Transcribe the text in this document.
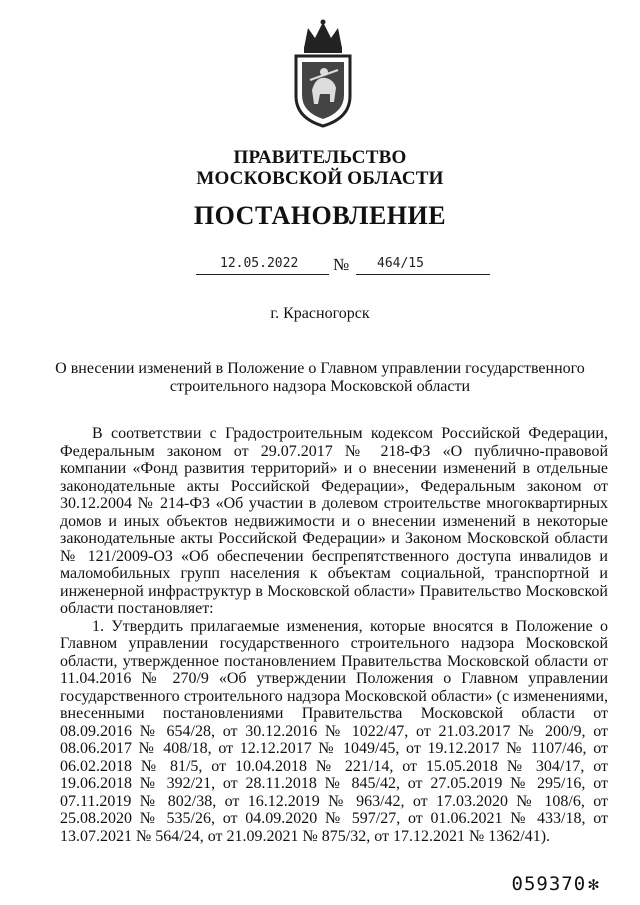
ПРАВИТЕЛЬСТВО
МОСКОВСКОЙ ОБЛАСТИ
ПОСТАНОВЛЕНИЕ
12.05.2022 № 464/15
г. Красногорск
О внесении изменений в Положение о Главном управлении государственного строительного надзора Московской области

В соответствии с Градостроительным кодексом Российской Федерации, Федеральным законом от 29.07.2017 № 218-ФЗ «О публично-правовой компании «Фонд развития территорий» и о внесении изменений в отдельные законодательные акты Российской Федерации», Федеральным законом от 30.12.2004 № 214-ФЗ «Об участии в долевом строительстве многоквартирных домов и иных объектов недвижимости и о внесении изменений в некоторые законодательные акты Российской Федерации» и Законом Московской области № 121/2009-ОЗ «Об обеспечении беспрепятственного доступа инвалидов и маломобильных групп населения к объектам социальной, транспортной и инженерной инфраструктур в Московской области» Правительство Московской области постановляет:

1. Утвердить прилагаемые изменения, которые вносятся в Положение о Главном управлении государственного строительного надзора Московской области, утвержденное постановлением Правительства Московской области от 11.04.2016 № 270/9 «Об утверждении Положения о Главном управлении государственного строительного надзора Московской области» (с изменениями, внесенными постановлениями Правительства Московской области от 08.09.2016 № 654/28, от 30.12.2016 № 1022/47, от 21.03.2017 № 200/9, от 08.06.2017 № 408/18, от 12.12.2017 № 1049/45, от 19.12.2017 № 1107/46, от 06.02.2018 № 81/5, от 10.04.2018 № 221/14, от 15.05.2018 № 304/17, от 19.06.2018 № 392/21, от 28.11.2018 № 845/42, от 27.05.2019 № 295/16, от 07.11.2019 № 802/38, от 16.12.2019 № 963/42, от 17.03.2020 № 108/6, от 25.08.2020 № 535/26, от 04.09.2020 № 597/27, от 01.06.2021 № 433/18, от 13.07.2021 № 564/24, от 21.09.2021 № 875/32, от 17.12.2021 № 1362/41).

059370 ✻
